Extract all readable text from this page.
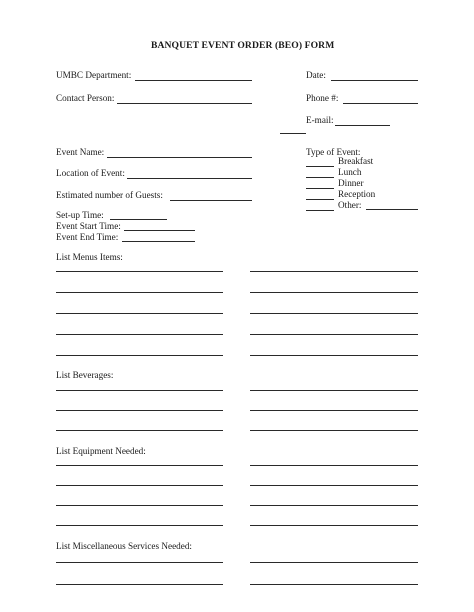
BANQUET EVENT ORDER (BEO) FORM
UMBC Department:	Date:
Contact Person:	Phone #:
E-mail:
Event Name:
Location of Event:
Estimated number of Guests:
Set-up Time:
Event Start Time:
Event End Time:
Type of Event:
Breakfast
Lunch
Dinner
Reception
Other:
List Menus Items:
List Beverages:
List Equipment Needed:
List Miscellaneous Services Needed:
